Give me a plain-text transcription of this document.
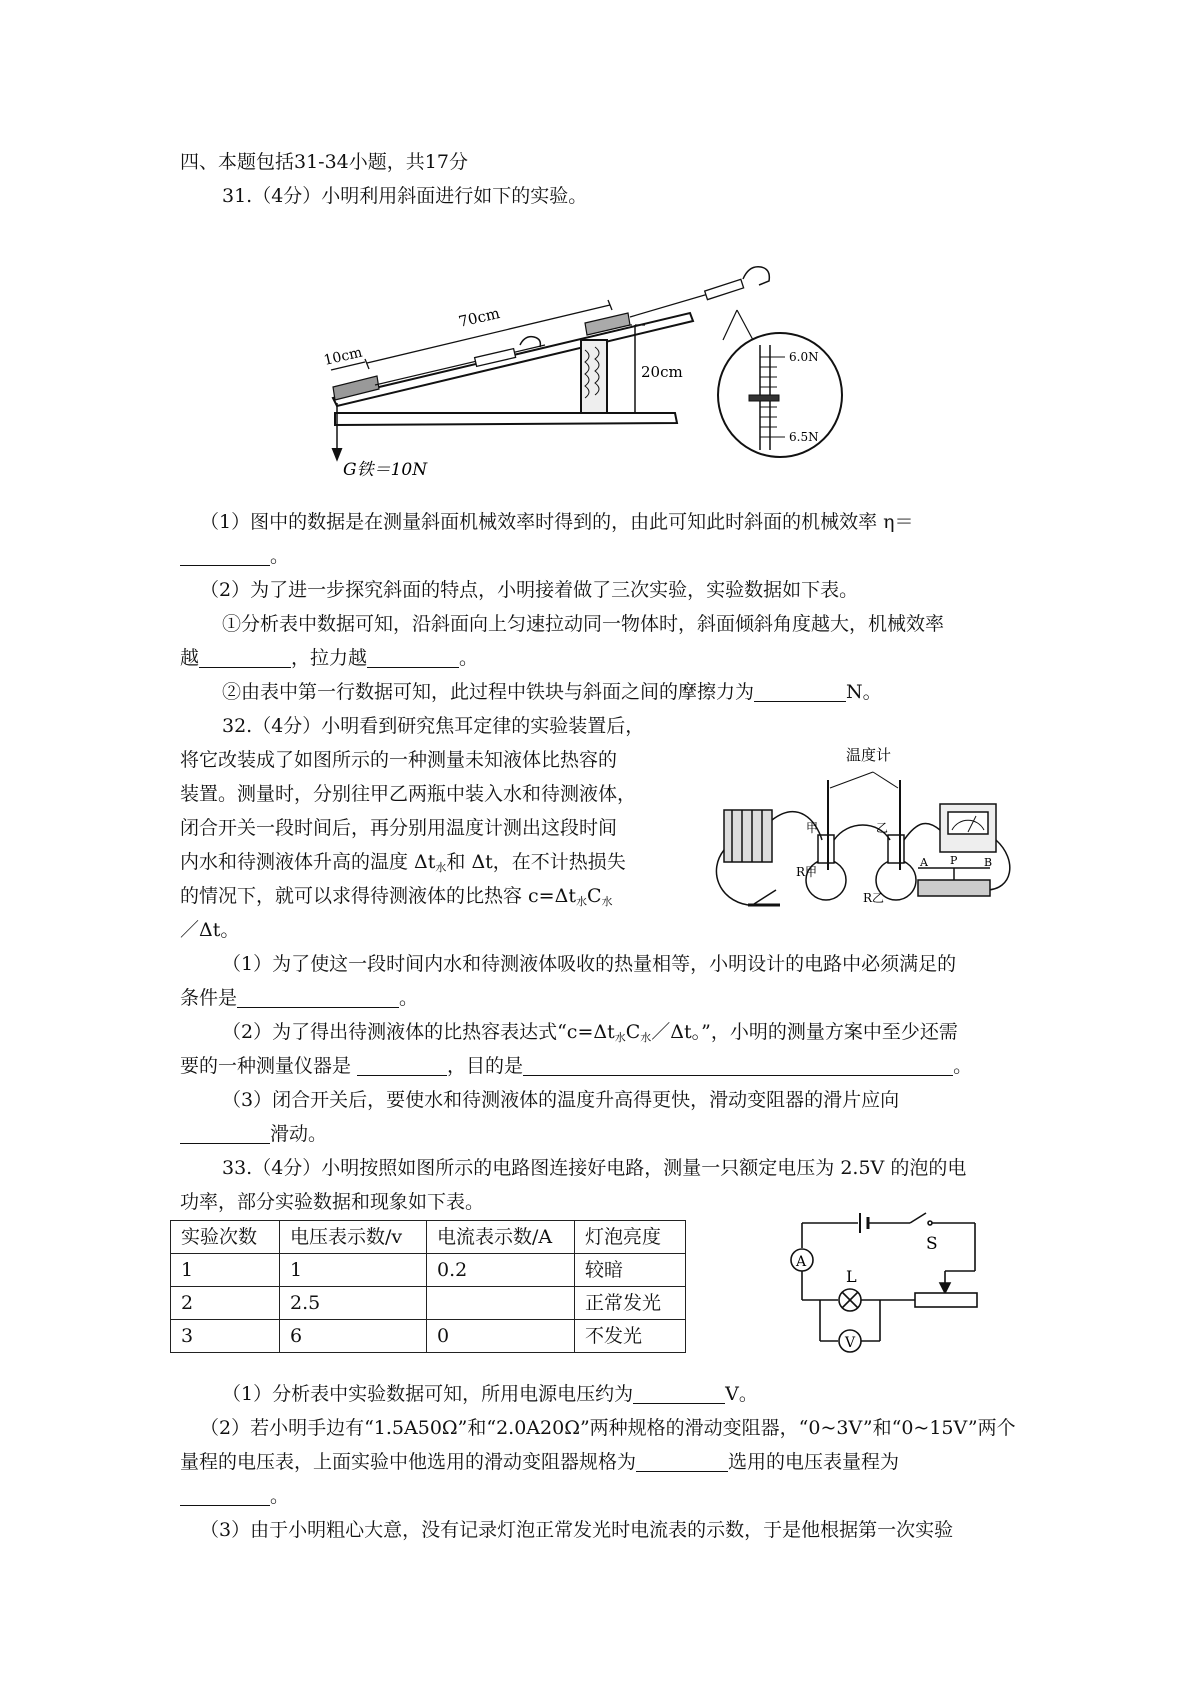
四、本题包括31-34小题，共17分
31.（4分）小明利用斜面进行如下的实验。
70cm
10cm
20cm
G铁＝10N
6.0N
6.5N
（1）图中的数据是在测量斜面机械效率时得到的，由此可知此时斜面的机械效率 η＝
。
（2）为了进一步探究斜面的特点，小明接着做了三次实验，实验数据如下表。
①分析表中数据可知，沿斜面向上匀速拉动同一物体时，斜面倾斜角度越大，机械效率
越	，拉力越	。
②由表中第一行数据可知，此过程中铁块与斜面之间的摩擦力为	N。
32.（4分）小明看到研究焦耳定律的实验装置后，
将它改装成了如图所示的一种测量未知液体比热容的
装置。测量时，分别往甲乙两瓶中装入水和待测液体，
闭合开关一段时间后，再分别用温度计测出这段时间
内水和待测液体升高的温度 $\Delta t_水$和 Δt，在不计热损失
的情况下，就可以求得待测液体的比热容 $c=\Delta t_水C_水$
／Δt。
温度计
甲	乙
R甲
R乙
A P B
（1）为了使这一段时间内水和待测液体吸收的热量相等，小明设计的电路中必须满足的
条件是	。
（2）为了得出待测液体的比热容表达式“$c=\Delta t_水C_水/\Delta t$。”，小明的测量方案中至少还需
要的一种测量仪器是	，目的是	。
（3）闭合开关后，要使水和待测液体的温度升高得更快，滑动变阻器的滑片应向
滑动。
33.（4分）小明按照如图所示的电路图连接好电路，测量一只额定电压为 2.5V 的泡的电
功率，部分实验数据和现象如下表。
实验次数	电压表示数/v	电流表示数/A	灯泡亮度
1	1	0.2	较暗
2	2.5		正常发光
3	6	0	不发光
S
L
A
V
（1）分析表中实验数据可知，所用电源电压约为	V。
（2）若小明手边有“1.5A50Ω”和“2.0A20Ω”两种规格的滑动变阻器，“0~3V”和“0~15V”两个
量程的电压表，上面实验中他选用的滑动变阻器规格为	选用的电压表量程为
。
（3）由于小明粗心大意，没有记录灯泡正常发光时电流表的示数，于是他根据第一次实验
